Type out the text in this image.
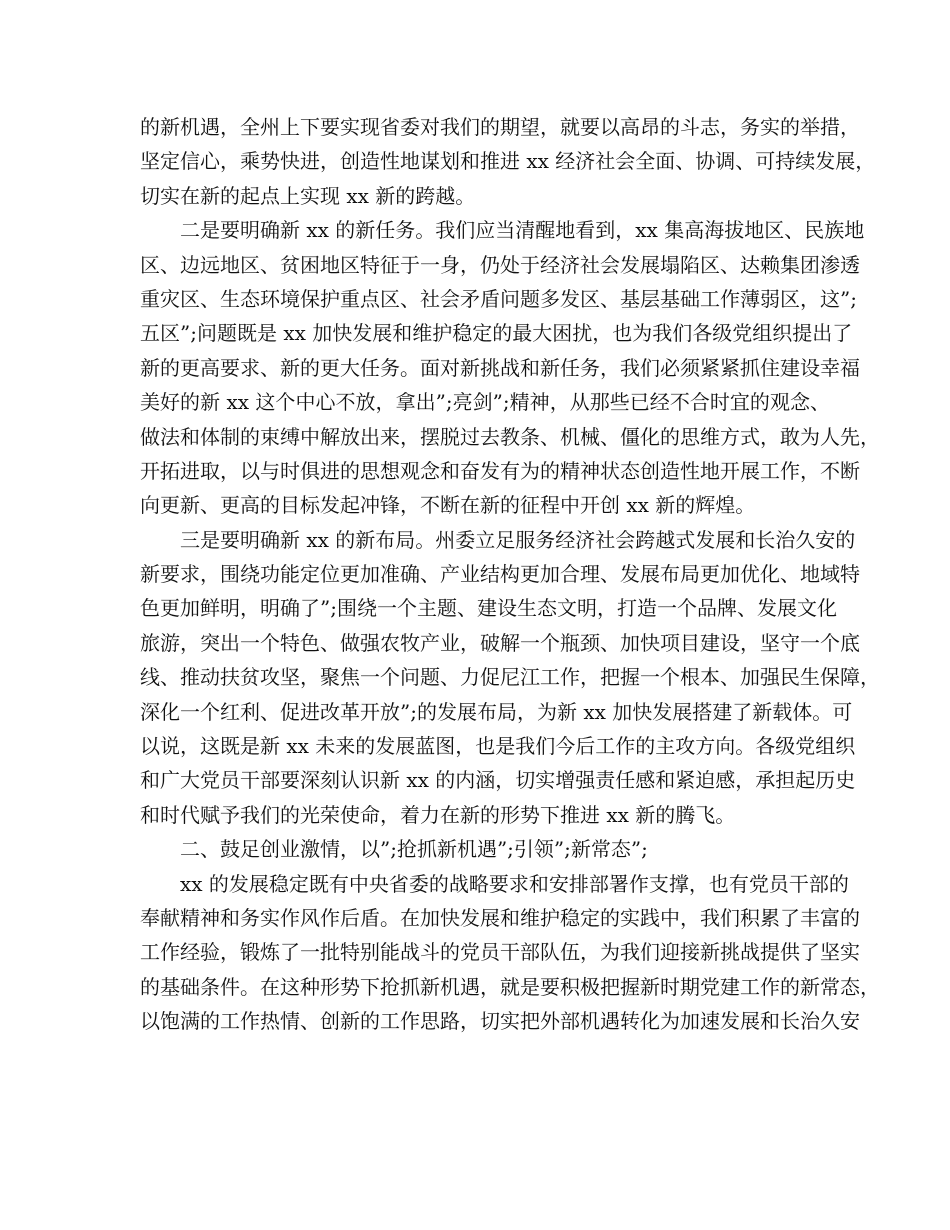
的新机遇，全州上下要实现省委对我们的期望，就要以高昂的斗志，务实的举措，
坚定信心，乘势快进，创造性地谋划和推进 xx 经济社会全面、协调、可持续发展，
切实在新的起点上实现 xx 新的跨越。
二是要明确新 xx 的新任务。我们应当清醒地看到，xx 集高海拔地区、民族地
区、边远地区、贫困地区特征于一身，仍处于经济社会发展塌陷区、达赖集团渗透
重灾区、生态环境保护重点区、社会矛盾问题多发区、基层基础工作薄弱区，这”;
五区”;问题既是 xx 加快发展和维护稳定的最大困扰，也为我们各级党组织提出了
新的更高要求、新的更大任务。面对新挑战和新任务，我们必须紧紧抓住建设幸福
美好的新 xx 这个中心不放，拿出”;亮剑”;精神，从那些已经不合时宜的观念、
做法和体制的束缚中解放出来，摆脱过去教条、机械、僵化的思维方式，敢为人先，
开拓进取，以与时俱进的思想观念和奋发有为的精神状态创造性地开展工作，不断
向更新、更高的目标发起冲锋，不断在新的征程中开创 xx 新的辉煌。
三是要明确新 xx 的新布局。州委立足服务经济社会跨越式发展和长治久安的
新要求，围绕功能定位更加准确、产业结构更加合理、发展布局更加优化、地域特
色更加鲜明，明确了”;围绕一个主题、建设生态文明，打造一个品牌、发展文化
旅游，突出一个特色、做强农牧产业，破解一个瓶颈、加快项目建设，坚守一个底
线、推动扶贫攻坚，聚焦一个问题、力促尼江工作，把握一个根本、加强民生保障，
深化一个红利、促进改革开放”;的发展布局，为新 xx 加快发展搭建了新载体。可
以说，这既是新 xx 未来的发展蓝图，也是我们今后工作的主攻方向。各级党组织
和广大党员干部要深刻认识新 xx 的内涵，切实增强责任感和紧迫感，承担起历史
和时代赋予我们的光荣使命，着力在新的形势下推进 xx 新的腾飞。
二、鼓足创业激情，以”;抢抓新机遇”;引领”;新常态”;
xx 的发展稳定既有中央省委的战略要求和安排部署作支撑，也有党员干部的
奉献精神和务实作风作后盾。在加快发展和维护稳定的实践中，我们积累了丰富的
工作经验，锻炼了一批特别能战斗的党员干部队伍，为我们迎接新挑战提供了坚实
的基础条件。在这种形势下抢抓新机遇，就是要积极把握新时期党建工作的新常态，
以饱满的工作热情、创新的工作思路，切实把外部机遇转化为加速发展和长治久安
